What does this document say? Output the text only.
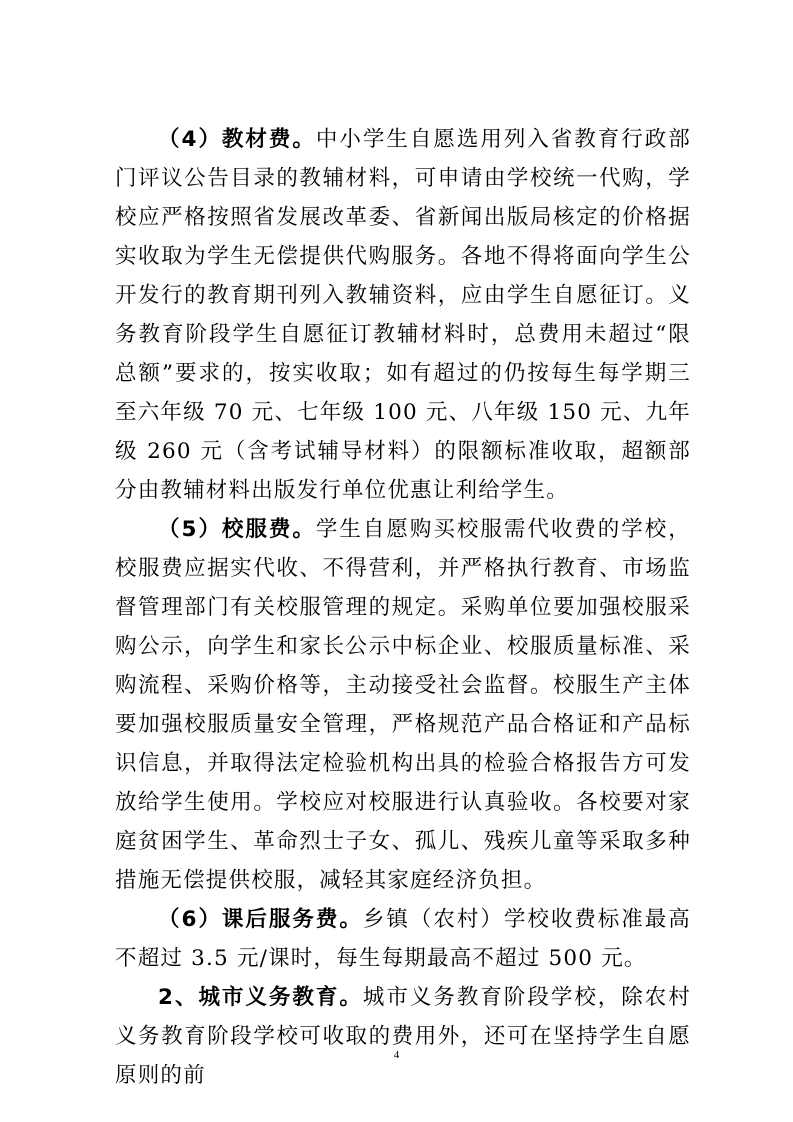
（4）教材费。中小学生自愿选用列入省教育行政部门评议公告目录的教辅材料，可申请由学校统一代购，学校应严格按照省发展改革委、省新闻出版局核定的价格据实收取为学生无偿提供代购服务。各地不得将面向学生公开发行的教育期刊列入教辅资料，应由学生自愿征订。义务教育阶段学生自愿征订教辅材料时，总费用未超过“限总额”要求的，按实收取；如有超过的仍按每生每学期三至六年级 70 元、七年级 100 元、八年级 150 元、九年级 260 元（含考试辅导材料）的限额标准收取，超额部分由教辅材料出版发行单位优惠让利给学生。

（5）校服费。学生自愿购买校服需代收费的学校，校服费应据实代收、不得营利，并严格执行教育、市场监督管理部门有关校服管理的规定。采购单位要加强校服采购公示，向学生和家长公示中标企业、校服质量标准、采购流程、采购价格等，主动接受社会监督。校服生产主体要加强校服质量安全管理，严格规范产品合格证和产品标识信息，并取得法定检验机构出具的检验合格报告方可发放给学生使用。学校应对校服进行认真验收。各校要对家庭贫困学生、革命烈士子女、孤儿、残疾儿童等采取多种措施无偿提供校服，减轻其家庭经济负担。

（6）课后服务费。乡镇（农村）学校收费标准最高不超过 3.5 元/课时，每生每期最高不超过 500 元。

2、城市义务教育。城市义务教育阶段学校，除农村义务教育阶段学校可收取的费用外，还可在坚持学生自愿原则的前

4
